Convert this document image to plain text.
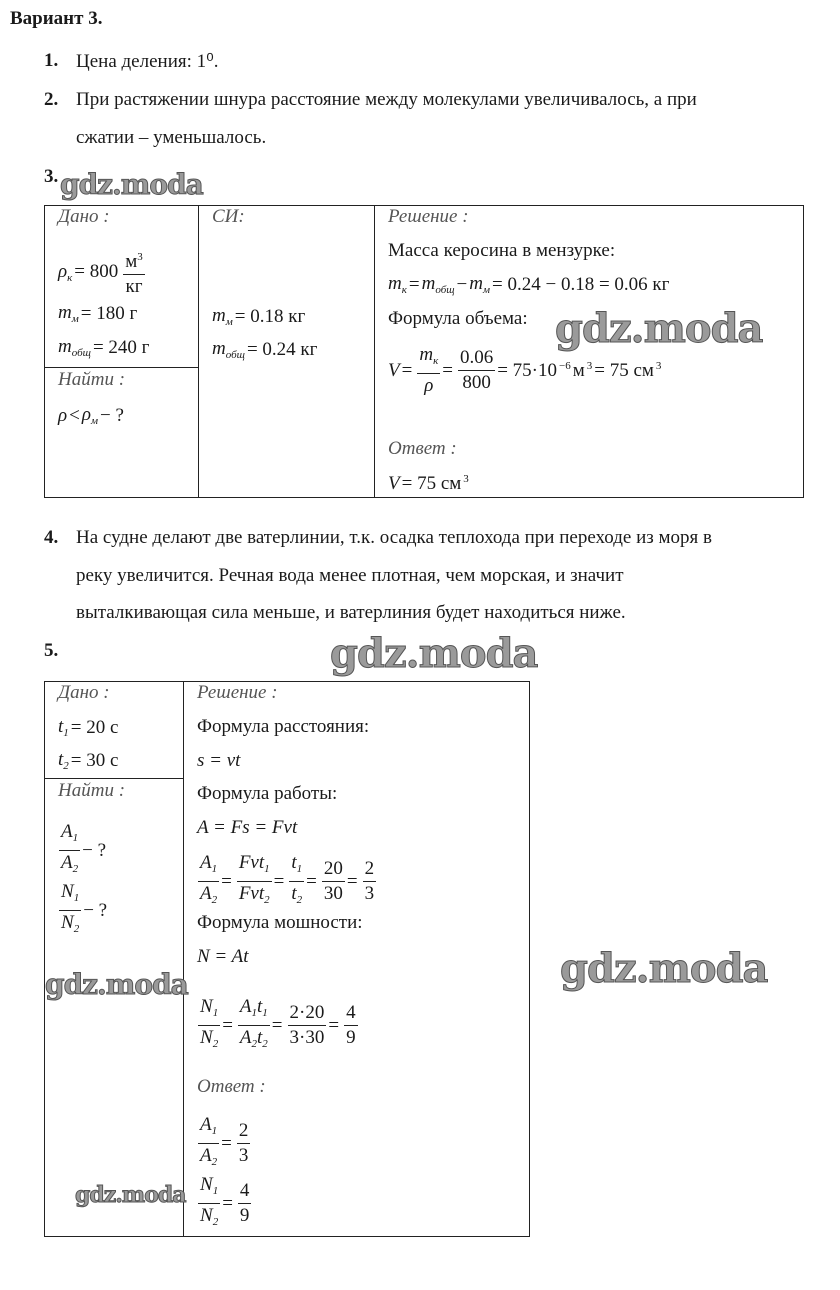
Вариант 3.
1. Цена деления: 1⁰.
2. При растяжении шнура расстояние между молекулами увеличивалось, а при
сжатии – уменьшалось.
3. gdz.moda
Дано :
$\rho_к = 800 \frac{м^3}{кг}$
$m_м = 180$ г
$m_{общ} = 240$ г
Найти :
$\rho < \rho_м$ − ?
СИ:
$m_м = 0.18$ кг
$m_{общ} = 0.24$ кг
Решение :
Масса керосина в мензурке:
$m_к = m_{общ} - m_м = 0.24 - 0.18 = 0.06$ кг
Формула объема:
$V = \frac{m_к}{\rho} = \frac{0.06}{800} = 75\cdot 10$ $^{-6}$ м $^3$ = 75 см $^3$
Ответ :
V = 75 см $^3$
gdz.moda
4. На судне делают две ватерлинии, т.к. осадка теплохода при переходе из моря в
реку увеличится. Речная вода менее плотная, чем морская, и значит
выталкивающая сила меньше, и ватерлиния будет находиться ниже.
5.	gdz.moda
Дано :
$t_1 = 20$ с
$t_2 = 30$ с
Найти :
$\frac{A_1}{A_2}$ − ?
$\frac{N_1}{N_2}$ − ?
Решение :
Формула расстояния:
s = vt
Формула работы:
A = Fs = Fvt
$\frac{A_1}{A_2} = \frac{Fvt_1}{Fvt_2} = \frac{t_1}{t_2} = \frac{20}{30} = \frac{2}{3}$
Формула мошности:
N = At
$\frac{N_1}{N_2} = \frac{A_1t_1}{A_2t_2} = \frac{2\cdot 20}{3\cdot 30} = \frac{4}{9}$
Ответ :
$\frac{A_1}{A_2} = \frac{2}{3}$
$\frac{N_1}{N_2} = \frac{4}{9}$
gdz.moda
gdz.moda
gdz.moda
